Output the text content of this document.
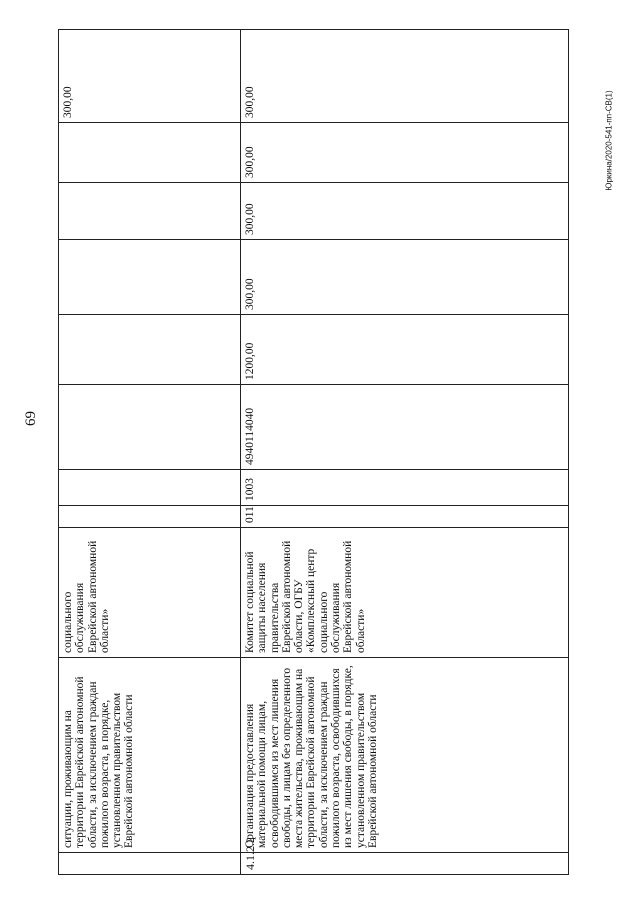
69
Юркина/2020-541-пп-СВ(1)
	ситуации, проживающим на территории Еврейской автономной области, за исключением граждан пожилого возраста, в порядке, установленном правительством Еврейской автономной области	социального обслуживания Еврейской автономной области»								300,00
4.1.2.2	Организация предоставления материальной помощи лицам, освободившимся из мест лишения свободы, и лицам без определенного места жительства, проживающим на территории Еврейской автономной области, за исключением граждан пожилого возраста, освободившихся из мест лишения свободы, в порядке, установленном правительством Еврейской автономной области	Комитет социальной защиты населения правительства Еврейской автономной области, ОГБУ «Комплексный центр социального обслуживания Еврейской автономной области»	011	1003	4940114040	1200,00	300,00	300,00	300,00	300,00
